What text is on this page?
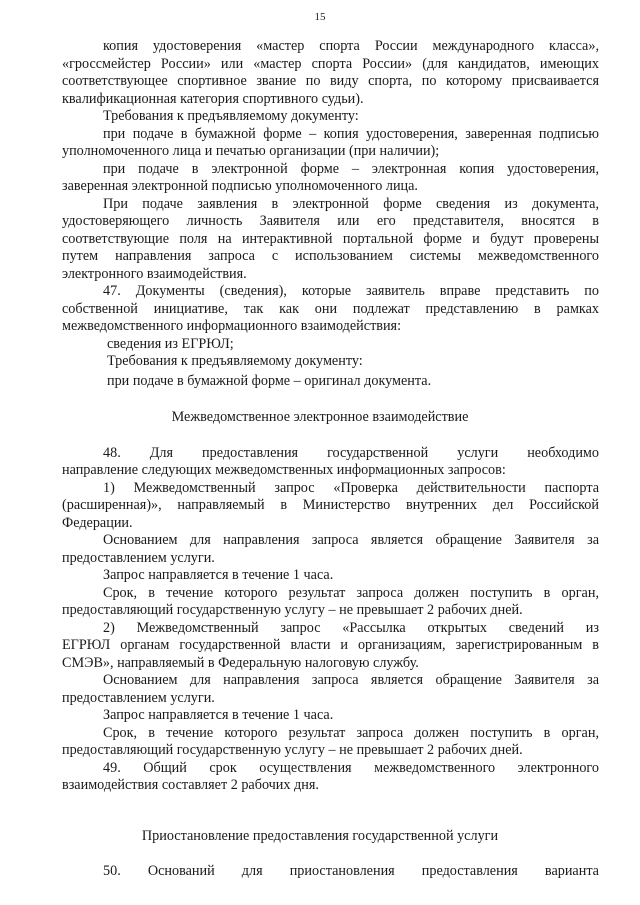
15
копия удостоверения «мастер спорта России международного класса»,
«гроссмейстер России» или «мастер спорта России» (для кандидатов, имеющих
соответствующее спортивное звание по виду спорта, по которому присваивается
квалификационная категория спортивного судьи).
Требования к предъявляемому документу:
при подаче в бумажной форме – копия удостоверения, заверенная подписью
уполномоченного лица и печатью организации (при наличии);
при подаче в электронной форме – электронная копия удостоверения,
заверенная электронной подписью уполномоченного лица.
При подаче заявления в электронной форме сведения из документа,
удостоверяющего личность Заявителя или его представителя, вносятся в
соответствующие поля на интерактивной портальной форме и будут проверены
путем направления запроса с использованием системы межведомственного
электронного взаимодействия.
47. Документы (сведения), которые заявитель вправе представить по
собственной инициативе, так как они подлежат представлению в рамках
межведомственного информационного взаимодействия:
сведения из ЕГРЮЛ;
Требования к предъявляемому документу:
при подаче в бумажной форме – оригинал документа.
Межведомственное электронное взаимодействие
48. Для предоставления государственной услуги необходимо
направление следующих межведомственных информационных запросов:
1) Межведомственный запрос «Проверка действительности паспорта
(расширенная)», направляемый в Министерство внутренних дел Российской
Федерации.
Основанием для направления запроса является обращение Заявителя за
предоставлением услуги.
Запрос направляется в течение 1 часа.
Срок, в течение которого результат запроса должен поступить в орган,
предоставляющий государственную услугу – не превышает 2 рабочих дней.
2) Межведомственный запрос «Рассылка открытых сведений из
ЕГРЮЛ органам государственной власти и организациям, зарегистрированным в
СМЭВ», направляемый в Федеральную налоговую службу.
Основанием для направления запроса является обращение Заявителя за
предоставлением услуги.
Запрос направляется в течение 1 часа.
Срок, в течение которого результат запроса должен поступить в орган,
предоставляющий государственную услугу – не превышает 2 рабочих дней.
49. Общий срок осуществления межведомственного электронного
взаимодействия составляет 2 рабочих дня.
Приостановление предоставления государственной услуги
50. Оснований для приостановления предоставления варианта
